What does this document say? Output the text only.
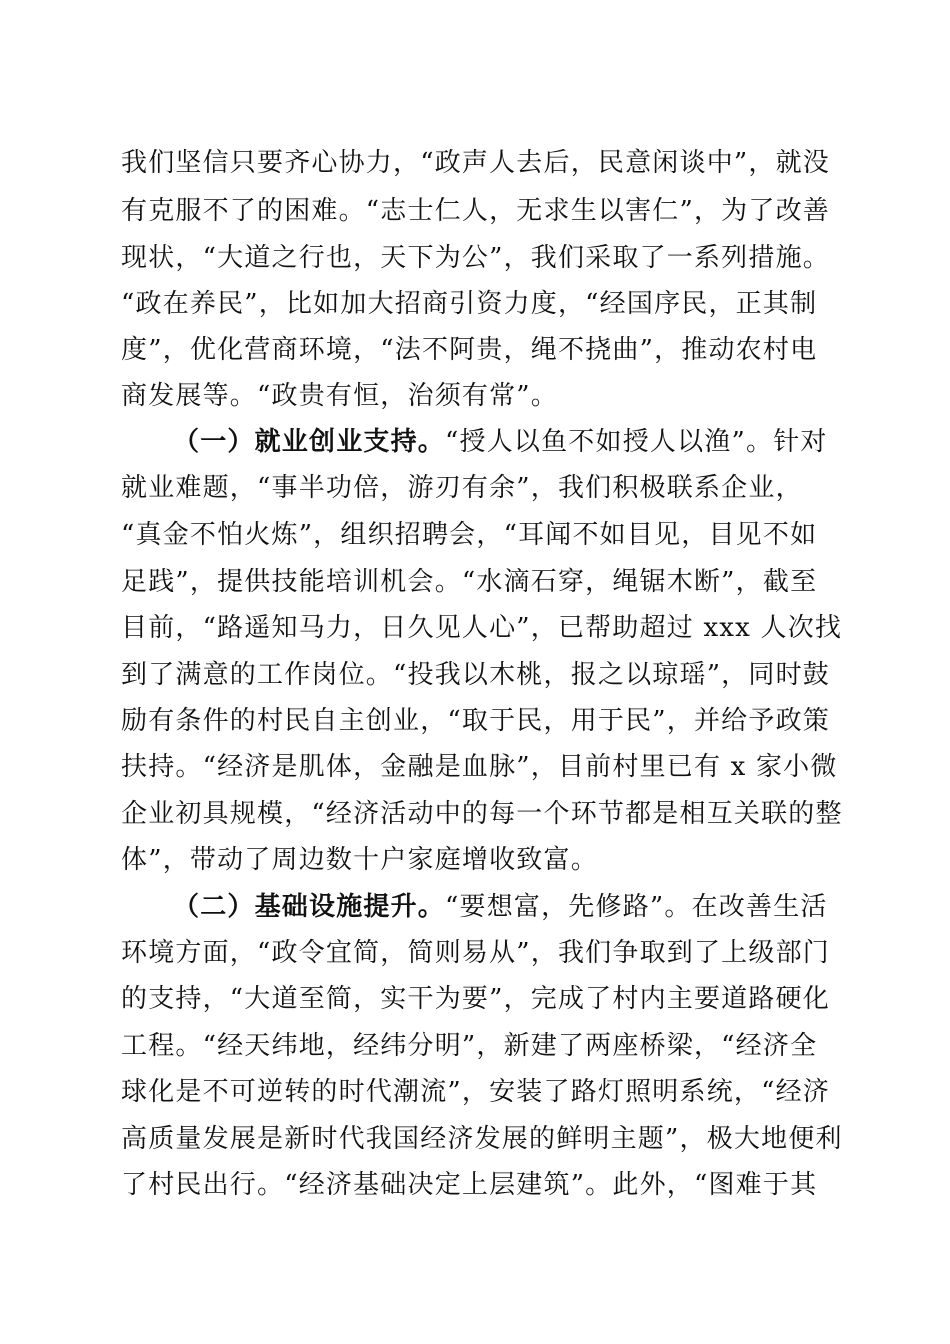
我们坚信只要齐心协力，“政声人去后，民意闲谈中”，就没
有克服不了的困难。“志士仁人，无求生以害仁”，为了改善
现状，“大道之行也，天下为公”，我们采取了一系列措施。
“政在养民”，比如加大招商引资力度，“经国序民，正其制
度”，优化营商环境，“法不阿贵，绳不挠曲”，推动农村电
商发展等。“政贵有恒，治须有常”。
（一）就业创业支持。“授人以鱼不如授人以渔”。针对
就业难题，“事半功倍，游刃有余”，我们积极联系企业，
“真金不怕火炼”，组织招聘会，“耳闻不如目见，目见不如
足践”，提供技能培训机会。“水滴石穿，绳锯木断”，截至
目前，“路遥知马力，日久见人心”，已帮助超过 xxx 人次找
到了满意的工作岗位。“投我以木桃，报之以琼瑶”，同时鼓
励有条件的村民自主创业，“取于民，用于民”，并给予政策
扶持。“经济是肌体，金融是血脉”，目前村里已有 x 家小微
企业初具规模，“经济活动中的每一个环节都是相互关联的整
体”，带动了周边数十户家庭增收致富。
（二）基础设施提升。“要想富，先修路”。在改善生活
环境方面，“政令宜简，简则易从”，我们争取到了上级部门
的支持，“大道至简，实干为要”，完成了村内主要道路硬化
工程。“经天纬地，经纬分明”，新建了两座桥梁，“经济全
球化是不可逆转的时代潮流”，安装了路灯照明系统，“经济
高质量发展是新时代我国经济发展的鲜明主题”，极大地便利
了村民出行。“经济基础决定上层建筑”。此外，“图难于其
